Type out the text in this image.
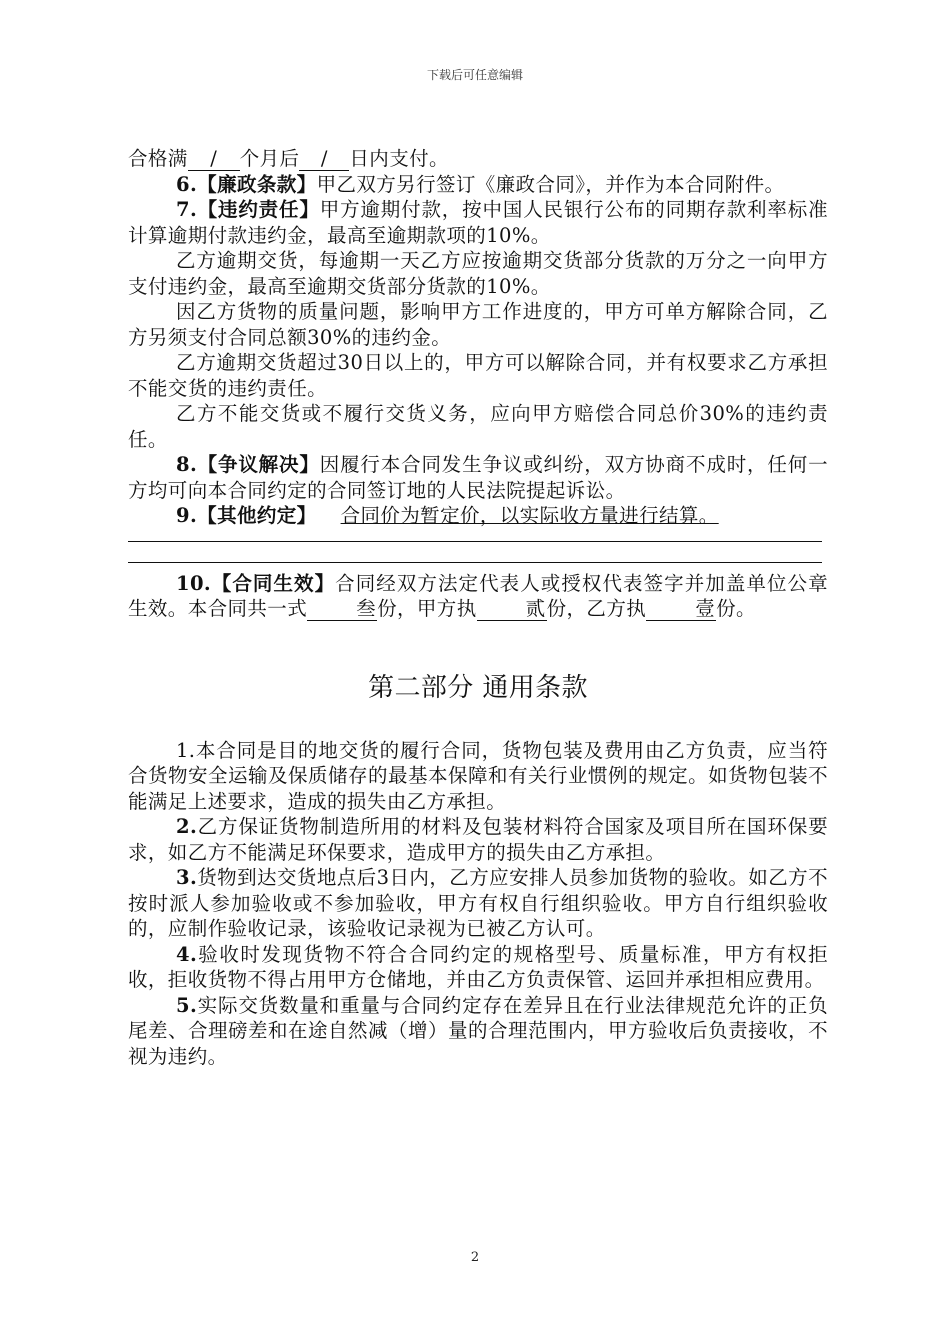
下载后可任意编辑

合格满 / 个月后 / 日内支付。

6.【廉政条款】甲乙双方另行签订《廉政合同》，并作为本合同附件。

7.【违约责任】甲方逾期付款，按中国人民银行公布的同期存款利率标准计算逾期付款违约金，最高至逾期款项的10%。

乙方逾期交货，每逾期一天乙方应按逾期交货部分货款的万分之一向甲方支付违约金，最高至逾期交货部分货款的10%。

因乙方货物的质量问题，影响甲方工作进度的，甲方可单方解除合同，乙方另须支付合同总额30%的违约金。

乙方逾期交货超过30日以上的，甲方可以解除合同，并有权要求乙方承担不能交货的违约责任。

乙方不能交货或不履行交货义务，应向甲方赔偿合同总价30%的违约责任。

8.【争议解决】因履行本合同发生争议或纠纷，双方协商不成时，任何一方均可向本合同约定的合同签订地的人民法院提起诉讼。

9.【其他约定】 合同价为暂定价，以实际收方量进行结算。

10.【合同生效】合同经双方法定代表人或授权代表签字并加盖单位公章生效。本合同共一式	叁份，甲方执	贰份，乙方执	壹份。

第二部分 通用条款

1.本合同是目的地交货的履行合同，货物包装及费用由乙方负责，应当符合货物安全运输及保质储存的最基本保障和有关行业惯例的规定。如货物包装不能满足上述要求，造成的损失由乙方承担。

2.乙方保证货物制造所用的材料及包装材料符合国家及项目所在国环保要求，如乙方不能满足环保要求，造成甲方的损失由乙方承担。

3.货物到达交货地点后3日内，乙方应安排人员参加货物的验收。如乙方不按时派人参加验收或不参加验收，甲方有权自行组织验收。甲方自行组织验收的，应制作验收记录，该验收记录视为已被乙方认可。

4.验收时发现货物不符合合同约定的规格型号、质量标准，甲方有权拒收，拒收货物不得占用甲方仓储地，并由乙方负责保管、运回并承担相应费用。

5.实际交货数量和重量与合同约定存在差异且在行业法律规范允许的正负尾差、合理磅差和在途自然减（增）量的合理范围内，甲方验收后负责接收，不视为违约。

2
